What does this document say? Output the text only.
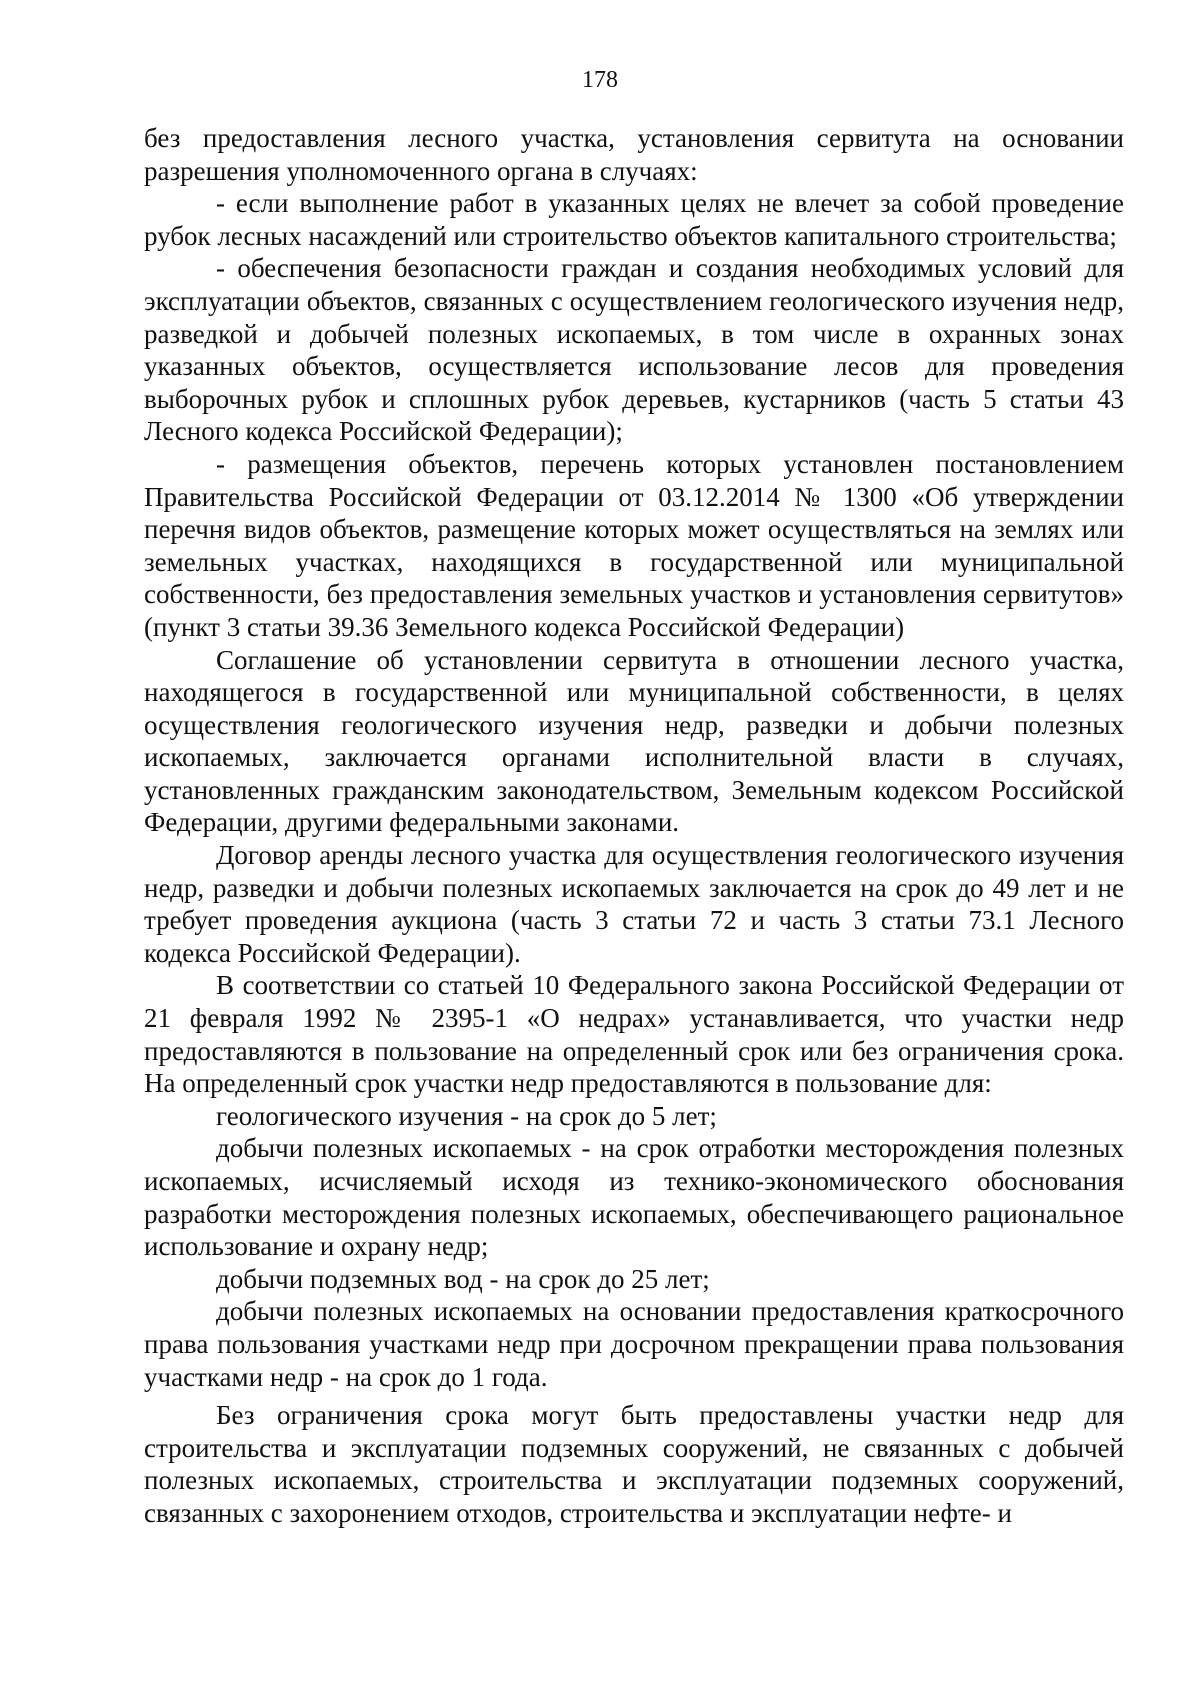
178

без предоставления лесного участка, установления сервитута на основании разрешения уполномоченного органа в случаях:

- если выполнение работ в указанных целях не влечет за собой проведение рубок лесных насаждений или строительство объектов капитального строительства;

- обеспечения безопасности граждан и создания необходимых условий для эксплуатации объектов, связанных с осуществлением геологического изучения недр, разведкой и добычей полезных ископаемых, в том числе в охранных зонах указанных объектов, осуществляется использование лесов для проведения выборочных рубок и сплошных рубок деревьев, кустарников (часть 5 статьи 43 Лесного кодекса Российской Федерации);

- размещения объектов, перечень которых установлен постановлением Правительства Российской Федерации от 03.12.2014 № 1300 «Об утверждении перечня видов объектов, размещение которых может осуществляться на землях или земельных участках, находящихся в государственной или муниципальной собственности, без предоставления земельных участков и установления сервитутов» (пункт 3 статьи 39.36 Земельного кодекса Российской Федерации)

Соглашение об установлении сервитута в отношении лесного участка, находящегося в государственной или муниципальной собственности, в целях осуществления геологического изучения недр, разведки и добычи полезных ископаемых, заключается органами исполнительной власти в случаях, установленных гражданским законодательством, Земельным кодексом Российской Федерации, другими федеральными законами.

Договор аренды лесного участка для осуществления геологического изучения недр, разведки и добычи полезных ископаемых заключается на срок до 49 лет и не требует проведения аукциона (часть 3 статьи 72 и часть 3 статьи 73.1 Лесного кодекса Российской Федерации).

В соответствии со статьей 10 Федерального закона Российской Федерации от 21 февраля 1992 № 2395-1 «О недрах» устанавливается, что участки недр предоставляются в пользование на определенный срок или без ограничения срока. На определенный срок участки недр предоставляются в пользование для:

геологического изучения - на срок до 5 лет;

добычи полезных ископаемых - на срок отработки месторождения полезных ископаемых, исчисляемый исходя из технико-экономического обоснования разработки месторождения полезных ископаемых, обеспечивающего рациональное использование и охрану недр;

добычи подземных вод - на срок до 25 лет;

добычи полезных ископаемых на основании предоставления краткосрочного права пользования участками недр при досрочном прекращении права пользования участками недр - на срок до 1 года.

Без ограничения срока могут быть предоставлены участки недр для строительства и эксплуатации подземных сооружений, не связанных с добычей полезных ископаемых, строительства и эксплуатации подземных сооружений, связанных с захоронением отходов, строительства и эксплуатации нефте- и
